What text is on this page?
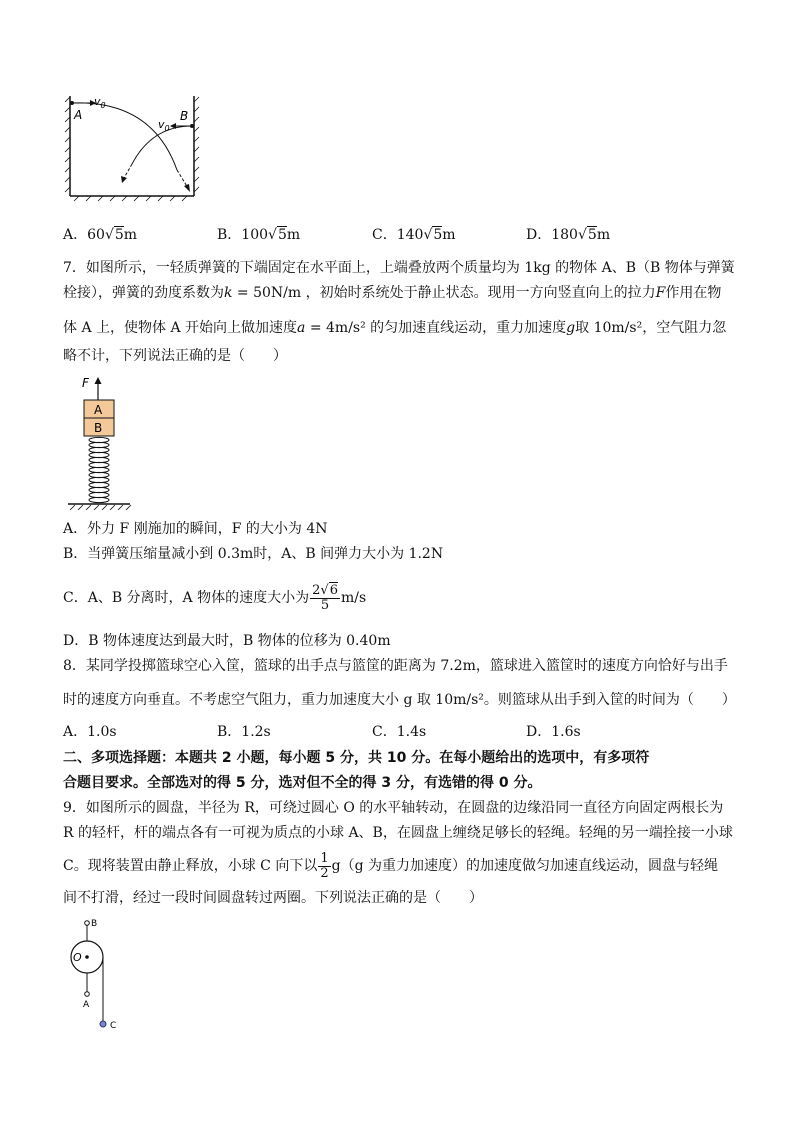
A
$v_0$
B
$v_0$
A．60√5m	B．100√5m	C．140√5m	D．180√5m
7．如图所示，一轻质弹簧的下端固定在水平面上，上端叠放两个质量均为 1kg 的物体 A、B（B 物体与弹簧
栓接），弹簧的劲度系数为k = 50N/m ，初始时系统处于静止状态。现用一方向竖直向上的拉力F作用在物
体 A 上，使物体 A 开始向上做加速度a = 4m/s² 的匀加速直线运动，重力加速度g取 10m/s²，空气阻力忽
略不计，下列说法正确的是（　　）
F
A
B
A．外力 F 刚施加的瞬间，F 的大小为 4N
B．当弹簧压缩量减小到 0.3m时，A、B 间弹力大小为 1.2N
C．A、B 分离时，A 物体的速度大小为 $\frac{2√6}{5} m/s$
D．B 物体速度达到最大时，B 物体的位移为 0.40m
8．某同学投掷篮球空心入筐，篮球的出手点与篮筐的距离为 7.2m，篮球进入篮筐时的速度方向恰好与出手
时的速度方向垂直。不考虑空气阻力，重力加速度大小 g 取 10m/s²。则篮球从出手到入筐的时间为（　　）
A．1.0s	B．1.2s	C．1.4s	D．1.6s
二、多项选择题：本题共 2 小题，每小题 5 分，共 10 分。在每小题给出的选项中，有多项符
合题目要求。全部选对的得 5 分，选对但不全的得 3 分，有选错的得 0 分。
9．如图所示的圆盘，半径为 R，可绕过圆心 O 的水平轴转动，在圆盘的边缘沿同一直径方向固定两根长为
R 的轻杆，杆的端点各有一可视为质点的小球 A、B，在圆盘上缠绕足够长的轻绳。轻绳的另一端拴接一小球
C。现将装置由静止释放，小球 C 向下以 $\frac{1}{2} g(g$ 为重力加速度）的加速度做匀加速直线运动，圆盘与轻绳
间不打滑，经过一段时间圆盘转过两圈。下列说法正确的是（　　）
B
O
A
C
